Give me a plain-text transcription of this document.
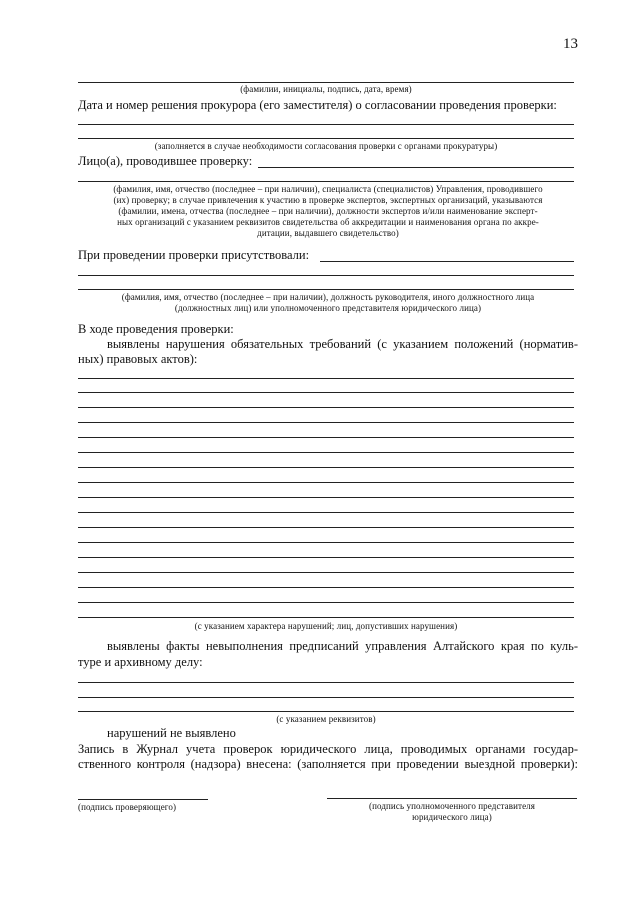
13
(фамилии, инициалы, подпись, дата, время)
Дата и номер решения прокурора (его заместителя) о согласовании проведения проверки:
(заполняется в случае необходимости согласования проверки с органами прокуратуры)
Лицо(а), проводившее проверку:
(фамилия, имя, отчество (последнее – при наличии), специалиста (специалистов) Управления, проводившего
(их) проверку; в случае привлечения к участию в проверке экспертов, экспертных организаций, указываются
(фамилии, имена, отчества (последнее – при наличии), должности экспертов и/или наименование эксперт-
ных организаций с указанием реквизитов свидетельства об аккредитации и наименования органа по аккре-
дитации, выдавшего свидетельство)
При проведении проверки присутствовали:
(фамилия, имя, отчество (последнее – при наличии), должность руководителя, иного должностного лица
(должностных лиц) или уполномоченного представителя юридического лица)
В ходе проведения проверки:
выявлены нарушения обязательных требований (с указанием положений (норматив-
ных) правовых актов):
(с указанием характера нарушений; лиц, допустивших нарушения)
выявлены факты невыполнения предписаний управления Алтайского края по куль-
туре и архивному делу:
(с указанием реквизитов)
нарушений не выявлено
Запись в Журнал учета проверок юридического лица, проводимых органами государ-
ственного контроля (надзора) внесена: (заполняется при проведении выездной проверки):
(подпись проверяющего)	(подпись уполномоченного представителя
юридического лица)
